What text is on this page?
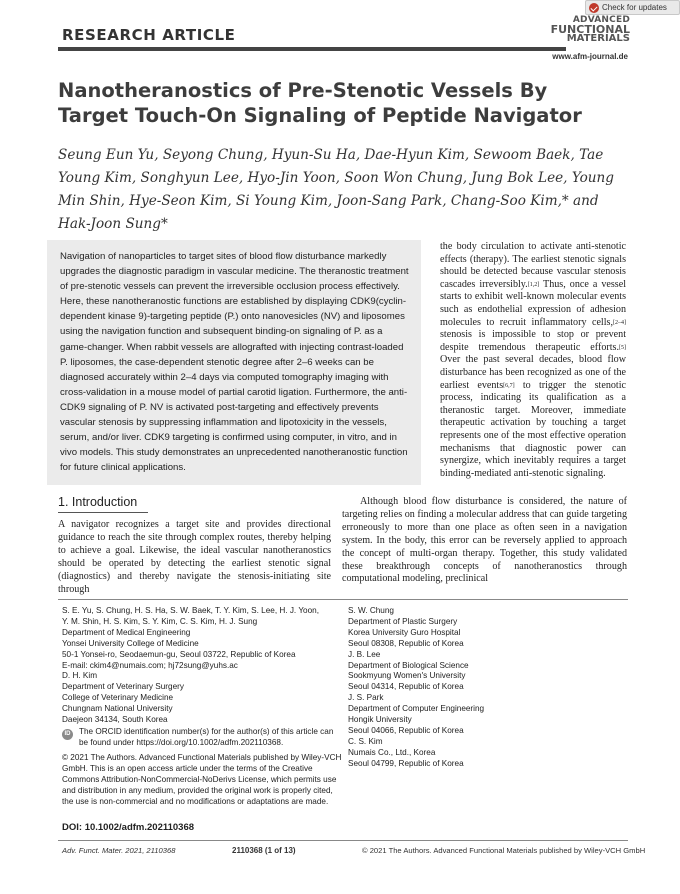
RESEARCH ARTICLE
ADVANCED
FUNCTIONAL
MATERIALS
www.afm-journal.de
Check for updates
Nanotheranostics of Pre-Stenotic Vessels By Target Touch-On Signaling of Peptide Navigator
Seung Eun Yu, Seyong Chung, Hyun-Su Ha, Dae-Hyun Kim, Sewoom Baek, Tae Young Kim, Songhyun Lee, Hyo-Jin Yoon, Soon Won Chung, Jung Bok Lee, Young Min Shin, Hye-Seon Kim, Si Young Kim, Joon-Sang Park, Chang-Soo Kim,* and Hak-Joon Sung*
Navigation of nanoparticles to target sites of blood flow disturbance markedly upgrades the diagnostic paradigm in vascular medicine. The theranostic treatment of pre-stenotic vessels can prevent the irreversible occlusion process effectively. Here, these nanotheranostic functions are established by displaying CDK9(cyclin-dependent kinase 9)-targeting peptide (P.) onto nanovesicles (NV) and liposomes using the navigation function and subsequent binding-on signaling of P. as a game-changer. When rabbit vessels are allografted with injecting contrast-loaded P. liposomes, the case-dependent stenotic degree after 2–6 weeks can be diagnosed accurately within 2–4 days via computed tomography imaging with cross-validation in a mouse model of partial carotid ligation. Furthermore, the anti-CDK9 signaling of P. NV is activated post-targeting and effectively prevents vascular stenosis by suppressing inflammation and lipotoxicity in the vessels, serum, and/or liver. CDK9 targeting is confirmed using computer, in vitro, and in vivo models. This study demonstrates an unprecedented nanotheranostic function for future clinical applications.
the body circulation to activate anti-stenotic effects (therapy). The earliest stenotic signals should be detected because vascular stenosis cascades irreversibly.[1,2] Thus, once a vessel starts to exhibit well-known molecular events such as endothelial expression of adhesion molecules to recruit inflammatory cells,[2–4] stenosis is impossible to stop or prevent despite tremendous therapeutic efforts.[5] Over the past several decades, blood flow disturbance has been recognized as one of the earliest events[6,7] to trigger the stenotic process, indicating its qualification as a theranostic target. Moreover, immediate therapeutic activation by touching a target represents one of the most effective operation mechanisms that diagnostic power can synergize, which inevitably requires a target binding-mediated anti-stenotic signaling.
1. Introduction
A navigator recognizes a target site and provides directional guidance to reach the site through complex routes, thereby helping to achieve a goal. Likewise, the ideal vascular nanotheranostics should be operated by detecting the earliest stenotic signal (diagnostics) and thereby navigate the stenosis-initiating site through
Although blood flow disturbance is considered, the nature of targeting relies on finding a molecular address that can guide targeting erroneously to more than one place as often seen in a navigation system. In the body, this error can be reversely applied to approach the concept of multi-organ therapy. Together, this study validated these breakthrough concepts of nanotheranostics through computational modeling, preclinical
S. E. Yu, S. Chung, H. S. Ha, S. W. Baek, T. Y. Kim, S. Lee, H. J. Yoon,
Y. M. Shin, H. S. Kim, S. Y. Kim, C. S. Kim, H. J. Sung
Department of Medical Engineering
Yonsei University College of Medicine
50-1 Yonsei-ro, Seodaemun-gu, Seoul 03722, Republic of Korea
E-mail: ckim4@numais.com; hj72sung@yuhs.ac
D. H. Kim
Department of Veterinary Surgery
College of Veterinary Medicine
Chungnam National University
Daejeon 34134, South Korea
ID	The ORCID identification number(s) for the author(s) of this article can be found under https://doi.org/10.1002/adfm.202110368.
© 2021 The Authors. Advanced Functional Materials published by Wiley-VCH GmbH. This is an open access article under the terms of the Creative Commons Attribution-NonCommercial-NoDerivs License, which permits use and distribution in any medium, provided the original work is properly cited, the use is non-commercial and no modifications or adaptations are made.
S. W. Chung
Department of Plastic Surgery
Korea University Guro Hospital
Seoul 08308, Republic of Korea
J. B. Lee
Department of Biological Science
Sookmyung Women's University
Seoul 04314, Republic of Korea
J. S. Park
Department of Computer Engineering
Hongik University
Seoul 04066, Republic of Korea
C. S. Kim
Numais Co., Ltd., Korea
Seoul 04799, Republic of Korea
DOI: 10.1002/adfm.202110368
Adv. Funct. Mater. 2021, 2110368	2110368 (1 of 13)	© 2021 The Authors. Advanced Functional Materials published by Wiley-VCH GmbH
